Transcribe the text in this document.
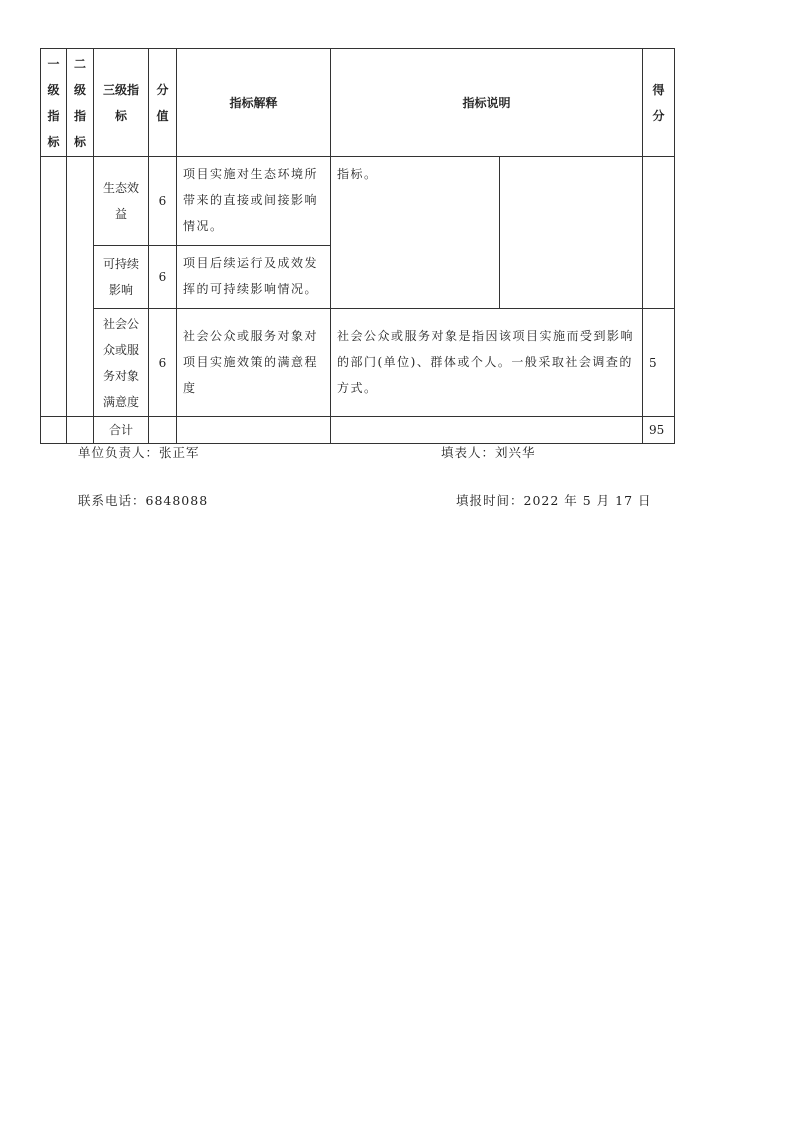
一
级
指
标	二
级
指
标	三级指
标	分
值	指标解释	指标说明		得
分

		生态效
益	6	项目实施对生态环境所
带来的直接或间接影响
情况。	指标。		

		可持续
影响	6	项目后续运行及成效发
挥的可持续影响情况。			

		社会公
众或服
务对象
满意度	6	社会公众或服务对象对
项目实施效策的满意程
度	社会公众或服务对象是指因该项目实施而受到影响
的部门(单位)、群体或个人。一般采取社会调查的
方式。		5
		合计					95
单位负责人：张正军	填表人：刘兴华
联系电话：6848088	填报时间：2022 年 5 月 17 日
